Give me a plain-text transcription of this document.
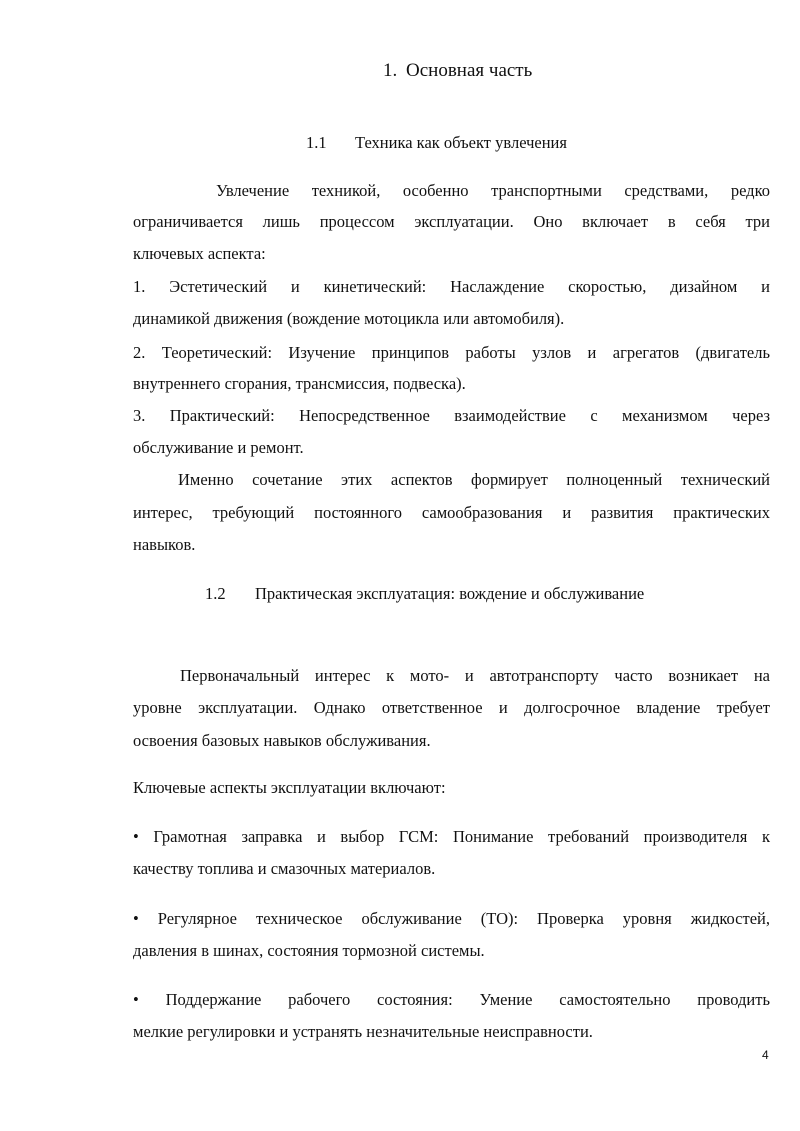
1. Основная часть
1.1 Техника как объект увлечения
Увлечение техникой, особенно транспортными средствами, редко
ограничивается лишь процессом эксплуатации. Оно включает в себя три
ключевых аспекта:
1. Эстетический и кинетический: Наслаждение скоростью, дизайном и
динамикой движения (вождение мотоцикла или автомобиля).
2. Теоретический: Изучение принципов работы узлов и агрегатов (двигатель
внутреннего сгорания, трансмиссия, подвеска).
3. Практический: Непосредственное взаимодействие с механизмом через
обслуживание и ремонт.
Именно сочетание этих аспектов формирует полноценный технический
интерес, требующий постоянного самообразования и развития практических
навыков.
1.2 Практическая эксплуатация: вождение и обслуживание
Первоначальный интерес к мото- и автотранспорту часто возникает на
уровне эксплуатации. Однако ответственное и долгосрочное владение требует
освоения базовых навыков обслуживания.
Ключевые аспекты эксплуатации включают:
• Грамотная заправка и выбор ГСМ: Понимание требований производителя к
качеству топлива и смазочных материалов.
• Регулярное техническое обслуживание (ТО): Проверка уровня жидкостей,
давления в шинах, состояния тормозной системы.
• Поддержание рабочего состояния: Умение самостоятельно проводить
мелкие регулировки и устранять незначительные неисправности.
4
